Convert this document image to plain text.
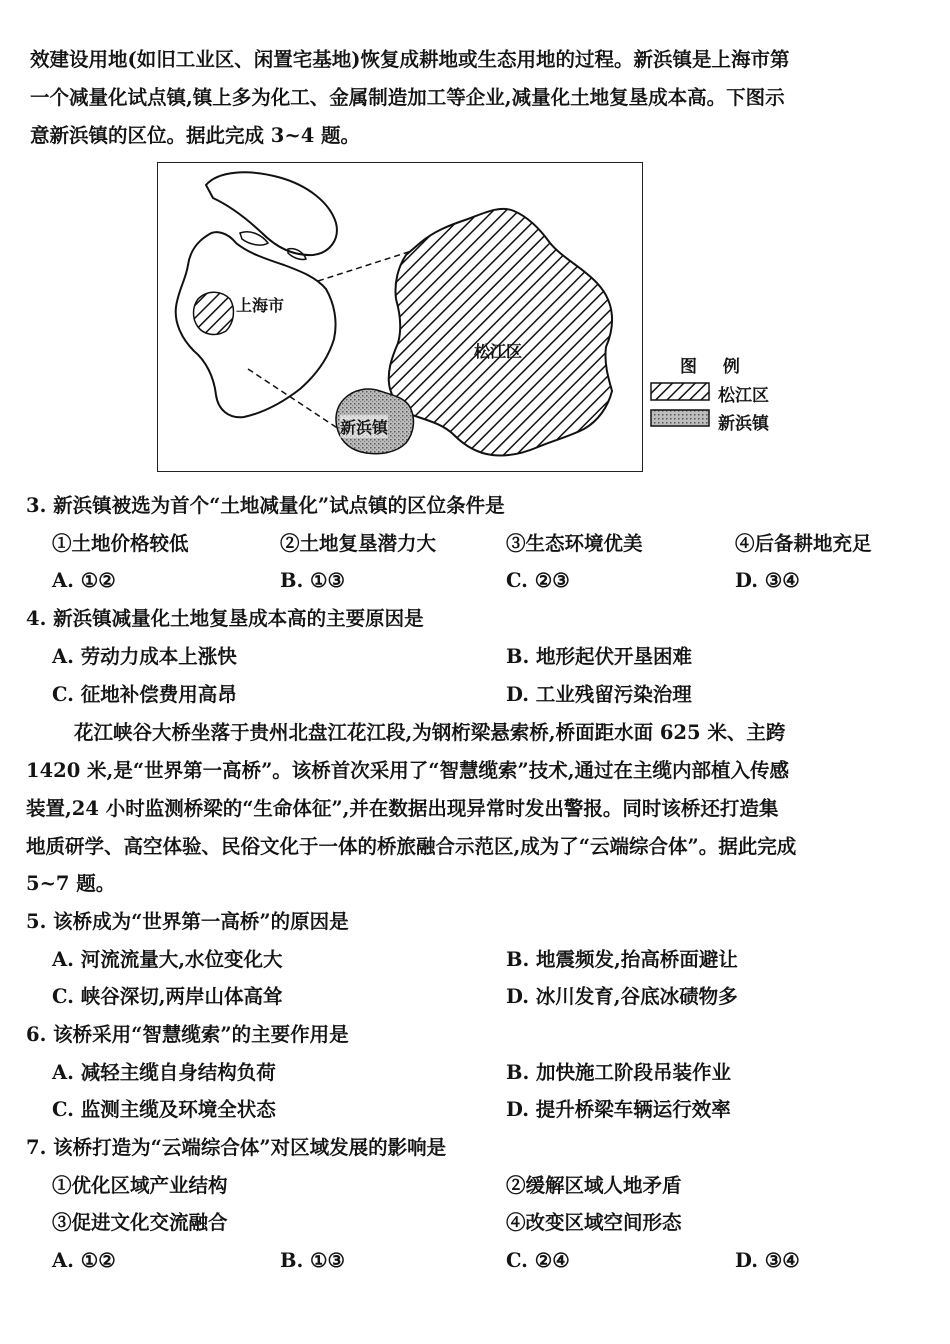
效建设用地(如旧工业区、闲置宅基地)恢复成耕地或生态用地的过程。新浜镇是上海市第
一个减量化试点镇,镇上多为化工、金属制造加工等企业,减量化土地复垦成本高。下图示
意新浜镇的区位。据此完成 3~4 题。
上海市
松江区
新浜镇
图 例
松江区
新浜镇
3. 新浜镇被选为首个“土地减量化”试点镇的区位条件是
①土地价格较低	②土地复垦潜力大	③生态环境优美	④后备耕地充足
A. ①②	B. ①③	C. ②③	D. ③④
4. 新浜镇减量化土地复垦成本高的主要原因是
A. 劳动力成本上涨快	B. 地形起伏开垦困难
C. 征地补偿费用高昂	D. 工业残留污染治理
花江峡谷大桥坐落于贵州北盘江花江段,为钢桁梁悬索桥,桥面距水面 625 米、主跨
1420 米,是“世界第一高桥”。该桥首次采用了“智慧缆索”技术,通过在主缆内部植入传感
装置,24 小时监测桥梁的“生命体征”,并在数据出现异常时发出警报。同时该桥还打造集
地质研学、高空体验、民俗文化于一体的桥旅融合示范区,成为了“云端综合体”。据此完成
5~7 题。
5. 该桥成为“世界第一高桥”的原因是
A. 河流流量大,水位变化大	B. 地震频发,抬高桥面避让
C. 峡谷深切,两岸山体高耸	D. 冰川发育,谷底冰碛物多
6. 该桥采用“智慧缆索”的主要作用是
A. 减轻主缆自身结构负荷	B. 加快施工阶段吊装作业
C. 监测主缆及环境全状态	D. 提升桥梁车辆运行效率
7. 该桥打造为“云端综合体”对区域发展的影响是
①优化区域产业结构	②缓解区域人地矛盾
③促进文化交流融合	④改变区域空间形态
A. ①②	B. ①③	C. ②④	D. ③④
